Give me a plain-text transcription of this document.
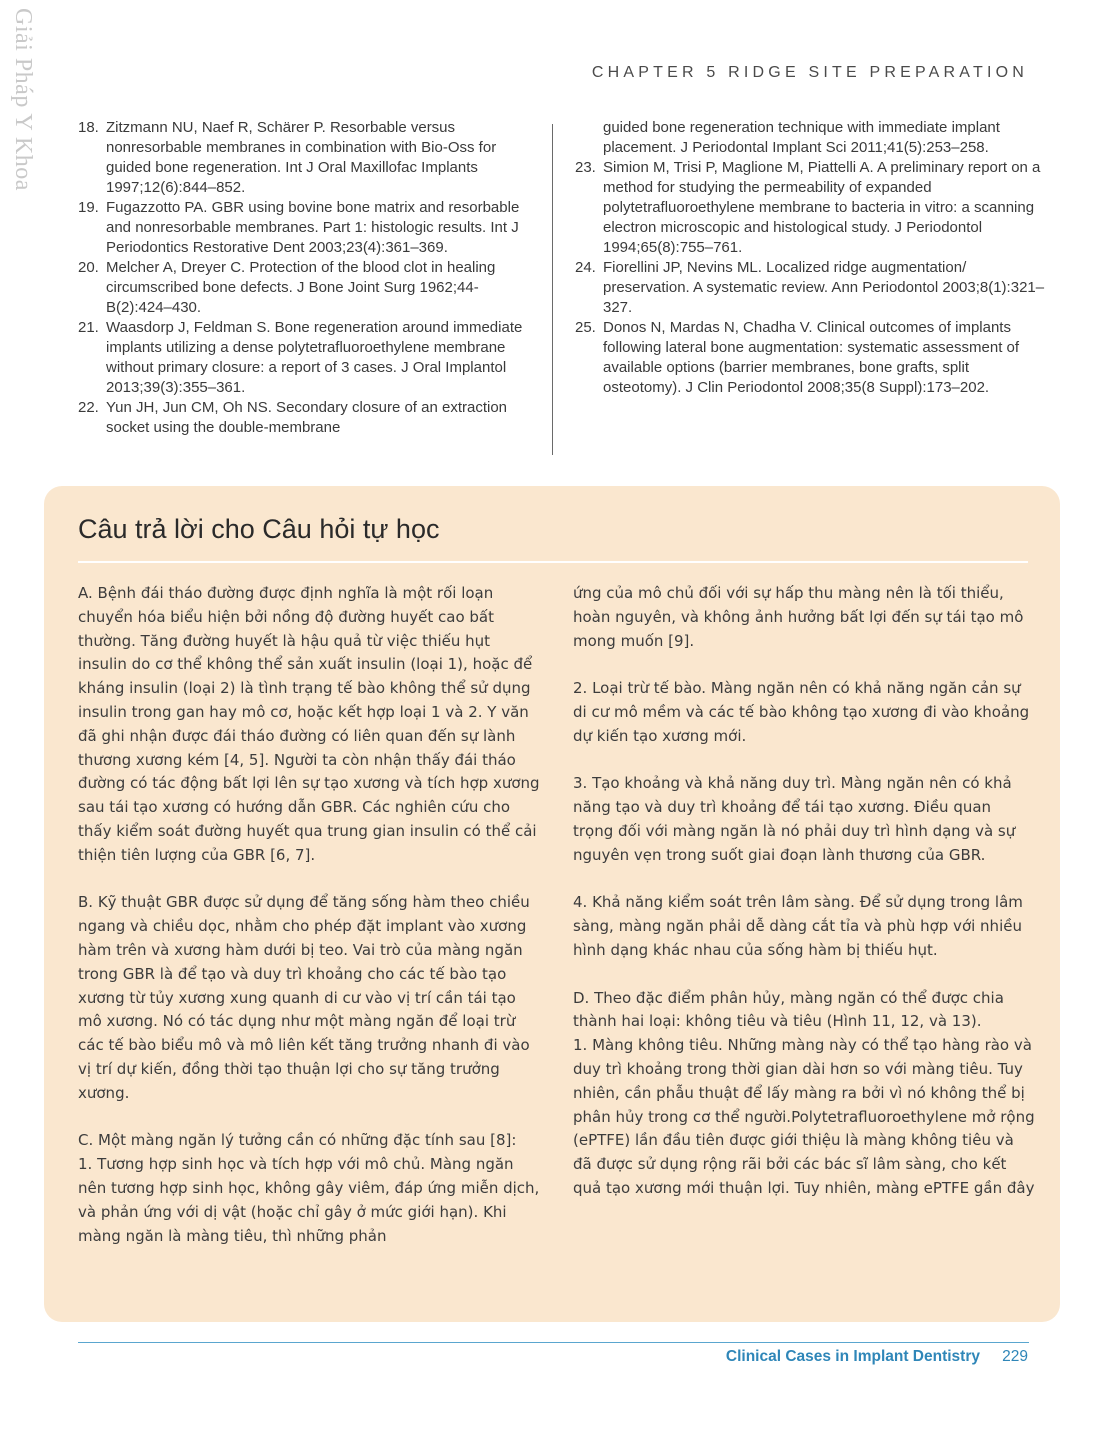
Giải Pháp Y Khoa	CHAPTER 5 RIDGE SITE PREPARATION
18. Zitzmann NU, Naef R, Schärer P. Resorbable versus nonresorbable membranes in combination with Bio-Oss for guided bone regeneration. Int J Oral Maxillofac Implants 1997;12(6):844–852.
19. Fugazzotto PA. GBR using bovine bone matrix and resorbable and nonresorbable membranes. Part 1: histologic results. Int J Periodontics Restorative Dent 2003;23(4):361–369.
20. Melcher A, Dreyer C. Protection of the blood clot in healing circumscribed bone defects. J Bone Joint Surg 1962;44-B(2):424–430.
21. Waasdorp J, Feldman S. Bone regeneration around immediate implants utilizing a dense polytetrafluoroethylene membrane without primary closure: a report of 3 cases. J Oral Implantol 2013;39(3):355–361.
22. Yun JH, Jun CM, Oh NS. Secondary closure of an extraction socket using the double-membrane
guided bone regeneration technique with immediate implant placement. J Periodontal Implant Sci 2011;41(5):253–258.
23. Simion M, Trisi P, Maglione M, Piattelli A. A preliminary report on a method for studying the permeability of expanded polytetrafluoroethylene membrane to bacteria in vitro: a scanning electron microscopic and histological study. J Periodontol 1994;65(8):755–761.
24. Fiorellini JP, Nevins ML. Localized ridge augmentation/ preservation. A systematic review. Ann Periodontol 2003;8(1):321–327.
25. Donos N, Mardas N, Chadha V. Clinical outcomes of implants following lateral bone augmentation: systematic assessment of available options (barrier membranes, bone grafts, split osteotomy). J Clin Periodontol 2008;35(8 Suppl):173–202.
Câu trả lời cho Câu hỏi tự học

A. Bệnh đái tháo đường được định nghĩa là một rối loạn chuyển hóa biểu hiện bởi nồng độ đường huyết cao bất thường. Tăng đường huyết là hậu quả từ việc thiếu hụt insulin do cơ thể không thể sản xuất insulin (loại 1), hoặc để kháng insulin (loại 2) là tình trạng tế bào không thể sử dụng insulin trong gan hay mô cơ, hoặc kết hợp loại 1 và 2. Y văn đã ghi nhận được đái tháo đường có liên quan đến sự lành thương xương kém [4, 5]. Người ta còn nhận thấy đái tháo đường có tác động bất lợi lên sự tạo xương và tích hợp xương sau tái tạo xương có hướng dẫn GBR. Các nghiên cứu cho thấy kiểm soát đường huyết qua trung gian insulin có thể cải thiện tiên lượng của GBR [6, 7].

B. Kỹ thuật GBR được sử dụng để tăng sống hàm theo chiều ngang và chiều dọc, nhằm cho phép đặt implant vào xương hàm trên và xương hàm dưới bị teo. Vai trò của màng ngăn trong GBR là để tạo và duy trì khoảng cho các tế bào tạo xương từ tủy xương xung quanh di cư vào vị trí cần tái tạo mô xương. Nó có tác dụng như một màng ngăn để loại trừ các tế bào biểu mô và mô liên kết tăng trưởng nhanh đi vào vị trí dự kiến, đồng thời tạo thuận lợi cho sự tăng trưởng xương.

C. Một màng ngăn lý tưởng cần có những đặc tính sau [8]:

1. Tương hợp sinh học và tích hợp với mô chủ. Màng ngăn nên tương hợp sinh học, không gây viêm, đáp ứng miễn dịch, và phản ứng với dị vật (hoặc chỉ gây ở mức giới hạn). Khi màng ngăn là màng tiêu, thì những phản

ứng của mô chủ đối với sự hấp thu màng nên là tối thiểu, hoàn nguyên, và không ảnh hưởng bất lợi đến sự tái tạo mô mong muốn [9].

2. Loại trừ tế bào. Màng ngăn nên có khả năng ngăn cản sự di cư mô mềm và các tế bào không tạo xương đi vào khoảng dự kiến tạo xương mới.

3. Tạo khoảng và khả năng duy trì. Màng ngăn nên có khả năng tạo và duy trì khoảng để tái tạo xương. Điều quan trọng đối với màng ngăn là nó phải duy trì hình dạng và sự nguyên vẹn trong suốt giai đoạn lành thương của GBR.

4. Khả năng kiểm soát trên lâm sàng. Để sử dụng trong lâm sàng, màng ngăn phải dễ dàng cắt tỉa và phù hợp với nhiều hình dạng khác nhau của sống hàm bị thiếu hụt.

D. Theo đặc điểm phân hủy, màng ngăn có thể được chia thành hai loại: không tiêu và tiêu (Hình 11, 12, và 13).

1. Màng không tiêu. Những màng này có thể tạo hàng rào và duy trì khoảng trong thời gian dài hơn so với màng tiêu. Tuy nhiên, cần phẫu thuật để lấy màng ra bởi vì nó không thể bị phân hủy trong cơ thể người.Polytetrafluoroethylene mở rộng (ePTFE) lần đầu tiên được giới thiệu là màng không tiêu và đã được sử dụng rộng rãi bởi các bác sĩ lâm sàng, cho kết quả tạo xương mới thuận lợi. Tuy nhiên, màng ePTFE gần đây

Clinical Cases in Implant Dentistry 229
